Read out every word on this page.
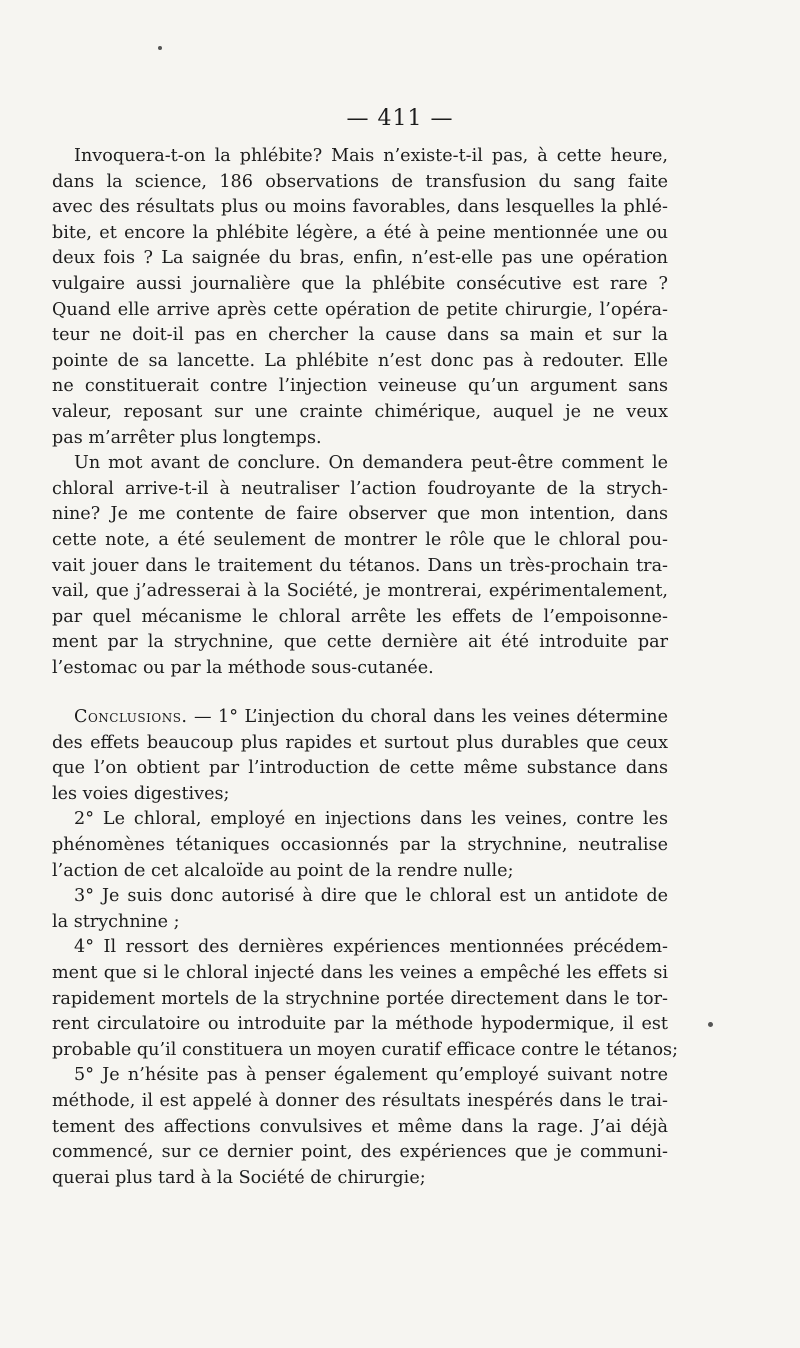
— 411 —
Invoquera-t-on la phlébite? Mais n’existe-t-il pas, à cette heure,
dans la science, 186 observations de transfusion du sang faite
avec des résultats plus ou moins favorables, dans lesquelles la phlé-
bite, et encore la phlébite légère, a été à peine mentionnée une ou
deux fois ? La saignée du bras, enfin, n’est-elle pas une opération
vulgaire aussi journalière que la phlébite consécutive est rare ?
Quand elle arrive après cette opération de petite chirurgie, l’opéra-
teur ne doit-il pas en chercher la cause dans sa main et sur la
pointe de sa lancette. La phlébite n’est donc pas à redouter. Elle
ne constituerait contre l’injection veineuse qu’un argument sans
valeur, reposant sur une crainte chimérique, auquel je ne veux
pas m’arrêter plus longtemps.
Un mot avant de conclure. On demandera peut-être comment le
chloral arrive-t-il à neutraliser l’action foudroyante de la strych-
nine? Je me contente de faire observer que mon intention, dans
cette note, a été seulement de montrer le rôle que le chloral pou-
vait jouer dans le traitement du tétanos. Dans un très-prochain tra-
vail, que j’adresserai à la Société, je montrerai, expérimentalement,
par quel mécanisme le chloral arrête les effets de l’empoisonne-
ment par la strychnine, que cette dernière ait été introduite par
l’estomac ou par la méthode sous-cutanée.
Conclusions. — 1° L’injection du choral dans les veines détermine
des effets beaucoup plus rapides et surtout plus durables que ceux
que l’on obtient par l’introduction de cette même substance dans
les voies digestives;
2° Le chloral, employé en injections dans les veines, contre les
phénomènes tétaniques occasionnés par la strychnine, neutralise
l’action de cet alcaloïde au point de la rendre nulle;
3° Je suis donc autorisé à dire que le chloral est un antidote de
la strychnine ;
4° Il ressort des dernières expériences mentionnées précédem-
ment que si le chloral injecté dans les veines a empêché les effets si
rapidement mortels de la strychnine portée directement dans le tor-
rent circulatoire ou introduite par la méthode hypodermique, il est
probable qu’il constituera un moyen curatif efficace contre le tétanos;
5° Je n’hésite pas à penser également qu’employé suivant notre
méthode, il est appelé à donner des résultats inespérés dans le trai-
tement des affections convulsives et même dans la rage. J’ai déjà
commencé, sur ce dernier point, des expériences que je communi-
querai plus tard à la Société de chirurgie;
